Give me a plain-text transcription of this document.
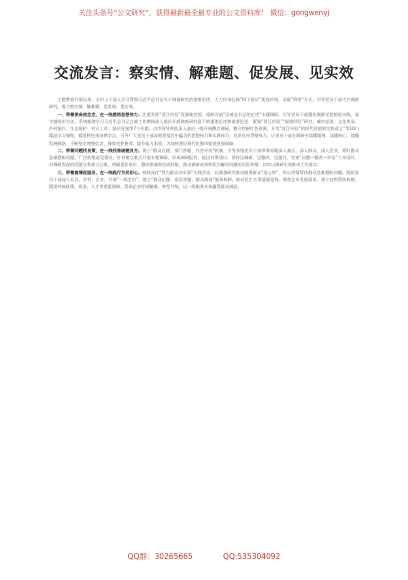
关注头条号“公文研究”，获得最新最全最专业的公文资料库！ 微信：gongwenyj
交流发言：察实情、解难题、促发展、见实效

主题教育开展以来，全市上下深入学习贯彻习近平总书记关于调查研究的重要论述，大力传承弘扬“四下基层”优良传统，采取“四带”方式，引导党员干部大兴调查研究，着力察实情、解难题、促发展、见实效。

一、带着使命信念走，在一线感悟思想伟力。注重发挥“晋江经验”发源地优势，组织开展“沿着总书记的足迹”专题调研，引导党员干部强化溯源学思想促实践，深学细悟用方法，系统梳理学习习近平总书记在闽工作期间深入基层开展调查研究留下的重要足迹和重要论述，策划“晋江经验”“福建经验”研讨、城市党建、文化传承、乡村振兴、生态保护、对台工作、基层党建等7个专题，由市领导带队深入基层一线开展蹲点调研，整合挖掘红色资源，开发“晋江经验”的时代价值和实践意义”等10门精品学习课程，精选特色现场教学点，引导广大党员干部深刻领悟其中蕴含的思想伟力和实践伟力，宣讲宣传贯彻伟力，让党员干部在调研中读懂精神、读懂初心、读懂发展脉络，不断坚定理想信念、锤炼党性修养、提升能力本领，为加快建设现代化强市提供坚强保障。

二、带着问题找良策，在一线找准破题良方。建立“群众点题、部门答题、社会评价”机制，引导各级党员干部带着问题深入基层、深入群众、深入企业，紧盯群众急难愁盼问题，广泛收集意见建议，针对堵点难点开展专题调研，形成调研报告、提出对策建议。坚持边调研、边整改、边提升，完善“问题—整改—评估”工作闭环，对调研发现的问题分类建立台账，明确责任单位、整改措施和完成时限，推动调研成果转化为解决问题的实际举措，切实以调研实效推动工作落实。

三、带着真情促服务，在一线践行为民初心。持续深化“我为群众办实事”实践活动，以调查研究推动服务群众“连心桥”，用心用情帮扶群众急难愁盼问题。组织党员干部深入社区、乡村、企业，开展“一线走访”，建立“群众出题、党员答题、群众阅卷”服务机制，推动民生实事落地见效。聚焦企业发展需求，建立挂钩帮扶机制，精准对接政策、资金、人才等要素保障，帮助企业纾困解难、转型升级，以一线服务实效赢得群众满意。

QQ群：30265665	QQ:535304092
